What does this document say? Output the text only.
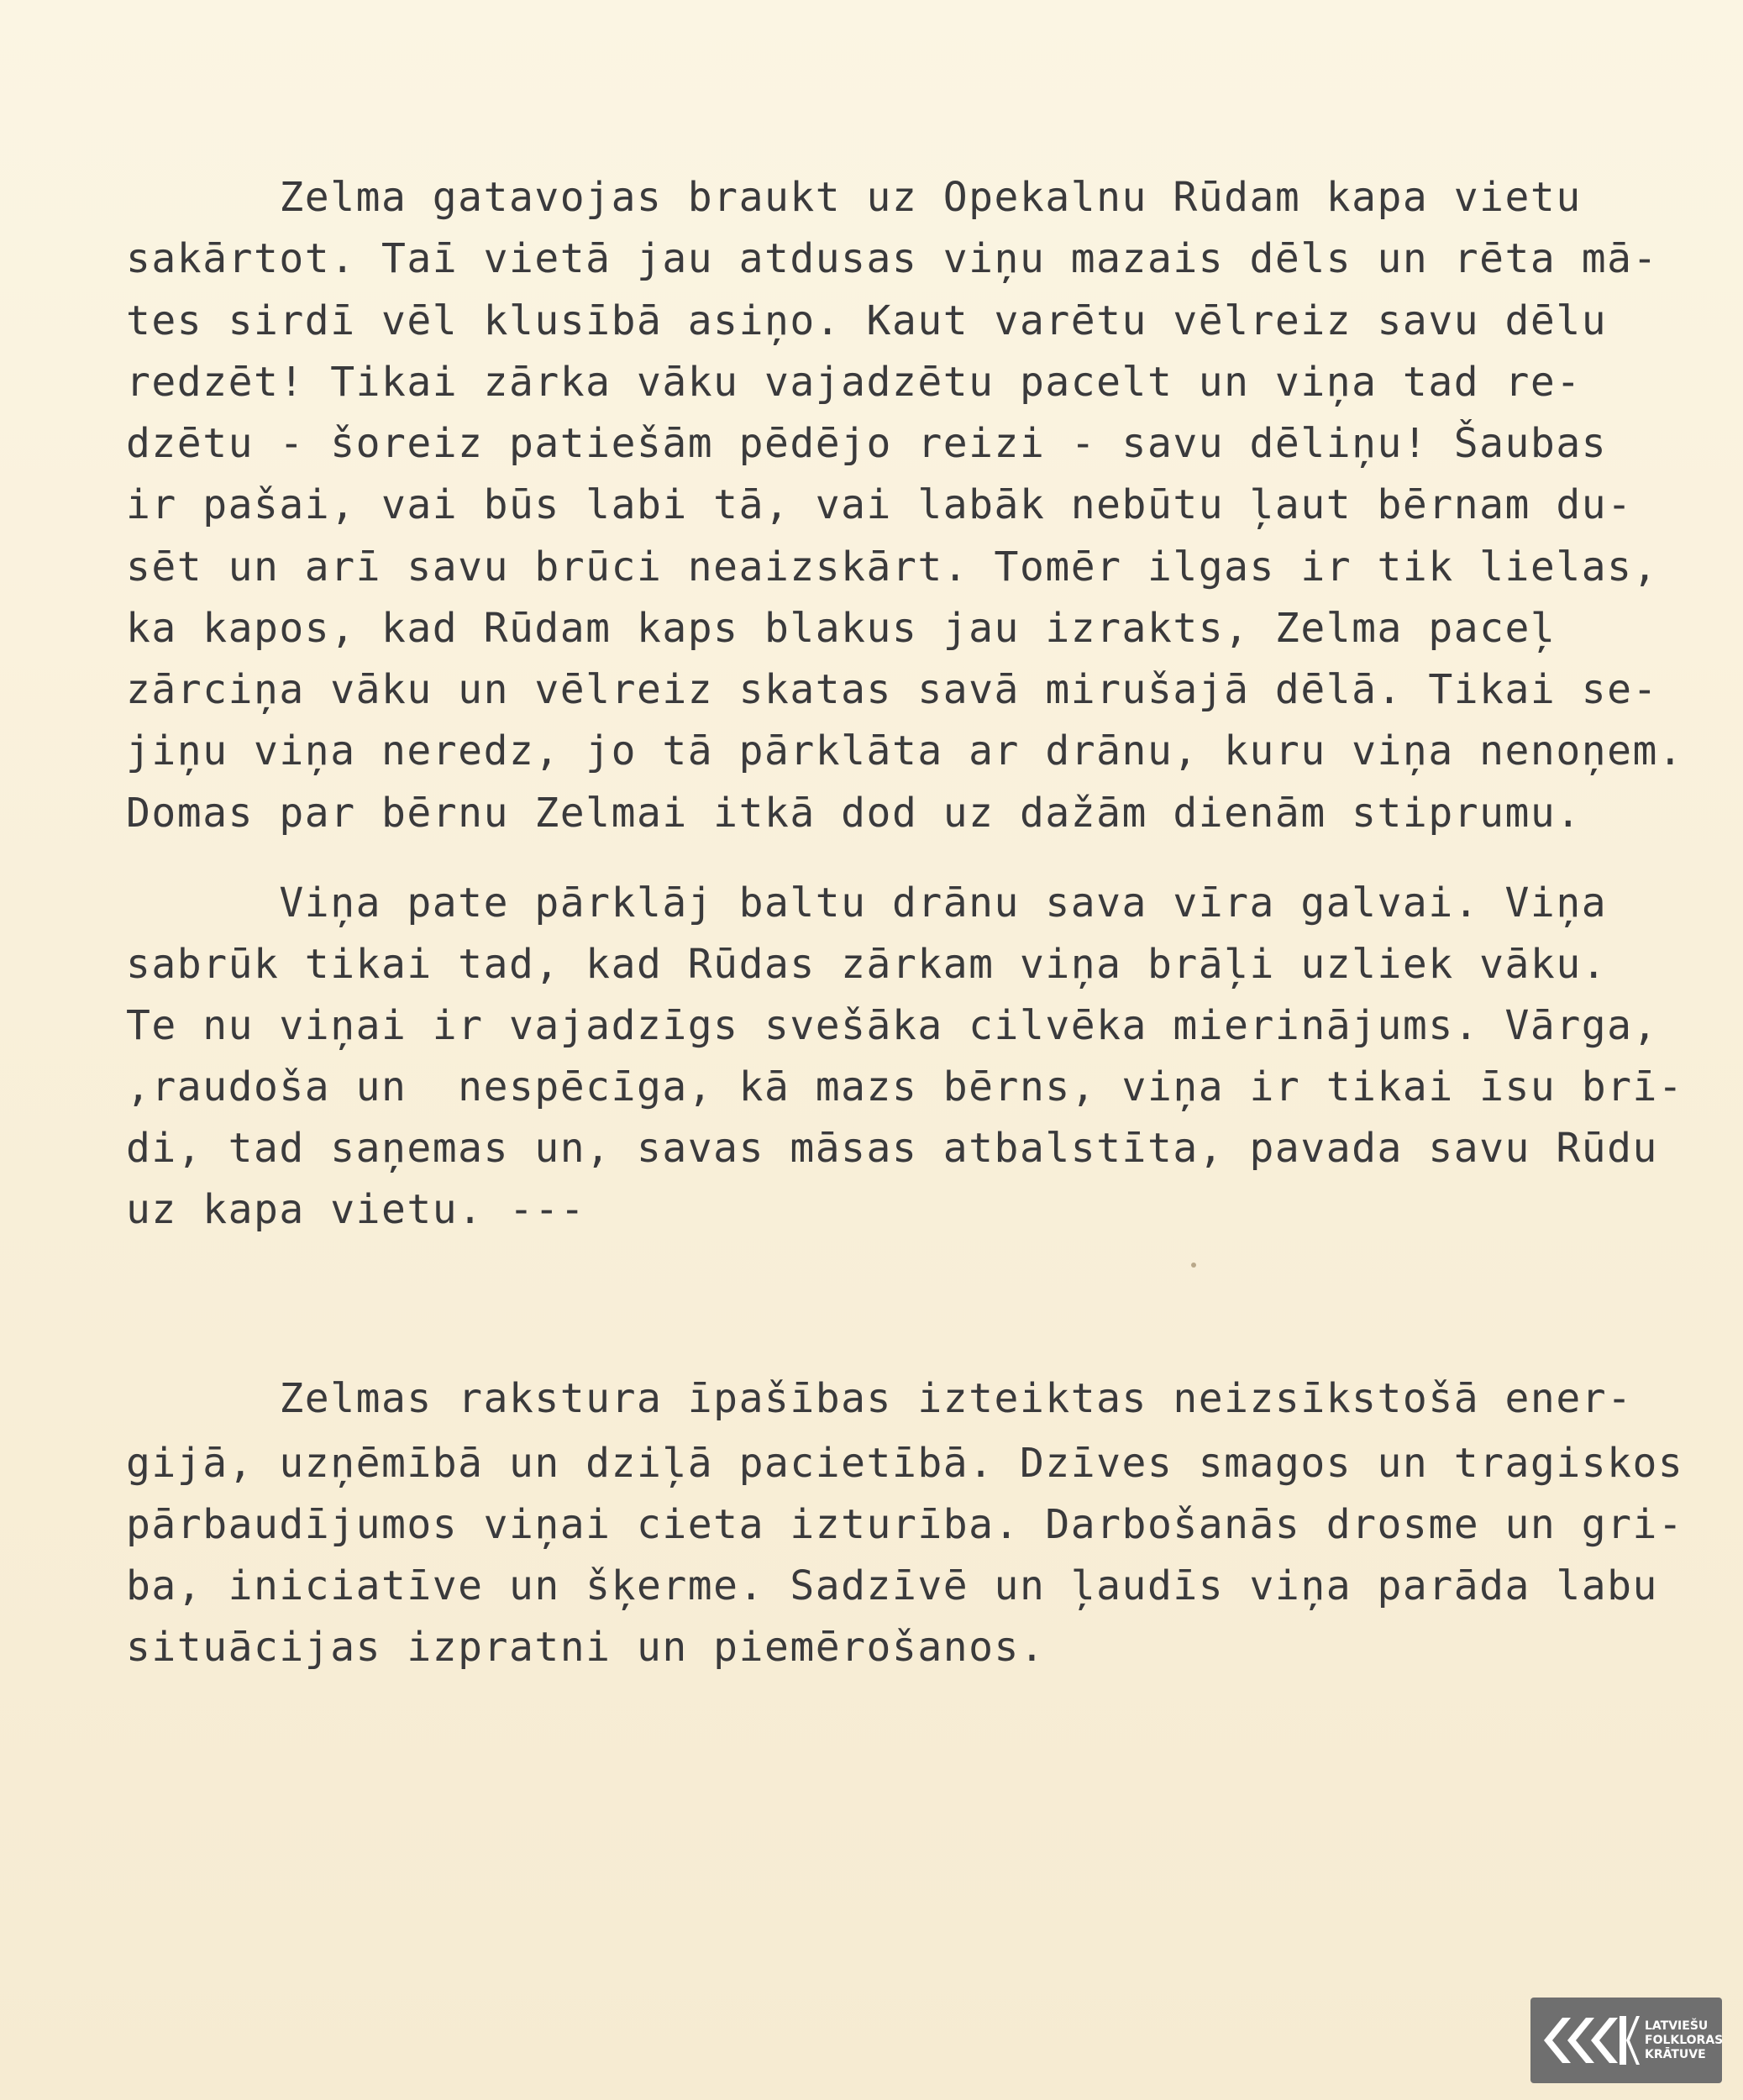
Zelma gatavojas braukt uz Opekalnu Rūdam kapa vietu

sakārtot. Taī vietā jau atdusas viņu mazais dēls un rēta mā-

tes sirdī vēl klusībā asiņo. Kaut varētu vēlreiz savu dēlu

redzēt! Tikai zārka vāku vajadzētu pacelt un viņa tad re-

dzētu - šoreiz patiešām pēdējo reizi - savu dēliņu! Šaubas

ir pašai, vai būs labi tā, vai labāk nebūtu ļaut bērnam du-

sēt un arī savu brūci neaizskārt. Tomēr ilgas ir tik lielas,

ka kapos, kad Rūdam kaps blakus jau izrakts, Zelma paceļ

zārciņa vāku un vēlreiz skatas savā mirušajā dēlā. Tikai se-

jiņu viņa neredz, jo tā pārklāta ar drānu, kuru viņa nenoņem.

Domas par bērnu Zelmai itkā dod uz dažām dienām stiprumu.

Viņa pate pārklāj baltu drānu sava vīra galvai. Viņa

sabrūk tikai tad, kad Rūdas zārkam viņa brāļi uzliek vāku.

Te nu viņai ir vajadzīgs svešāka cilvēka mierinājums. Vārga,

,raudoša un  nespēcīga, kā mazs bērns, viņa ir tikai īsu brī-

di, tad saņemas un, savas māsas atbalstīta, pavada savu Rūdu

uz kapa vietu. ---

Zelmas rakstura īpašības izteiktas neizsīkstošā ener-

gijā, uzņēmībā un dziļā pacietībā. Dzīves smagos un tragiskos

pārbaudījumos viņai cieta izturība. Darbošanās drosme un gri-

ba, iniciatīve un šķerme. Sadzīvē un ļaudīs viņa parāda labu

situācijas izpratni un piemērošanos.

LATVIEŠU
FOLKLORAS
KRĀTUVE
